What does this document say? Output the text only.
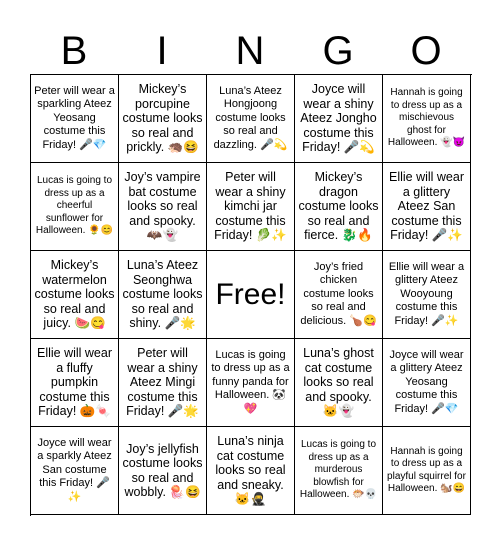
B	I	N	G	O
Peter will wear a sparkling Ateez Yeosang costume this Friday! 🎤💎
Mickey’s porcupine costume looks so real and prickly. 🦔😆
Luna’s Ateez Hongjoong costume looks so real and dazzling. 🎤💫
Joyce will wear a shiny Ateez Jongho costume this Friday! 🎤💫
Hannah is going to dress up as a mischievous ghost for Halloween. 👻😈
Lucas is going to dress up as a cheerful sunflower for Halloween. 🌻😊
Joy’s vampire bat costume looks so real and spooky. 🦇👻
Peter will wear a shiny kimchi jar costume this Friday! 🥬✨
Mickey’s dragon costume looks so real and fierce. 🐉🔥
Ellie will wear a glittery Ateez San costume this Friday! 🎤✨
Mickey’s watermelon costume looks so real and juicy. 🍉😋
Luna’s Ateez Seonghwa costume looks so real and shiny. 🎤🌟
Free!
Joy’s fried chicken costume looks so real and delicious. 🍗😋
Ellie will wear a glittery Ateez Wooyoung costume this Friday! 🎤✨
Ellie will wear a fluffy pumpkin costume this Friday! 🎃🍬
Peter will wear a shiny Ateez Mingi costume this Friday! 🎤🌟
Lucas is going to dress up as a funny panda for Halloween. 🐼💖
Luna’s ghost cat costume looks so real and spooky. 🐱👻
Joyce will wear a glittery Ateez Yeosang costume this Friday! 🎤💎
Joyce will wear a sparkly Ateez San costume this Friday! 🎤✨
Joy’s jellyfish costume looks so real and wobbly. 🪼😆
Luna’s ninja cat costume looks so real and sneaky. 🐱🥷
Lucas is going to dress up as a murderous blowfish for Halloween. 🐡💀
Hannah is going to dress up as a playful squirrel for Halloween. 🐿️😄
